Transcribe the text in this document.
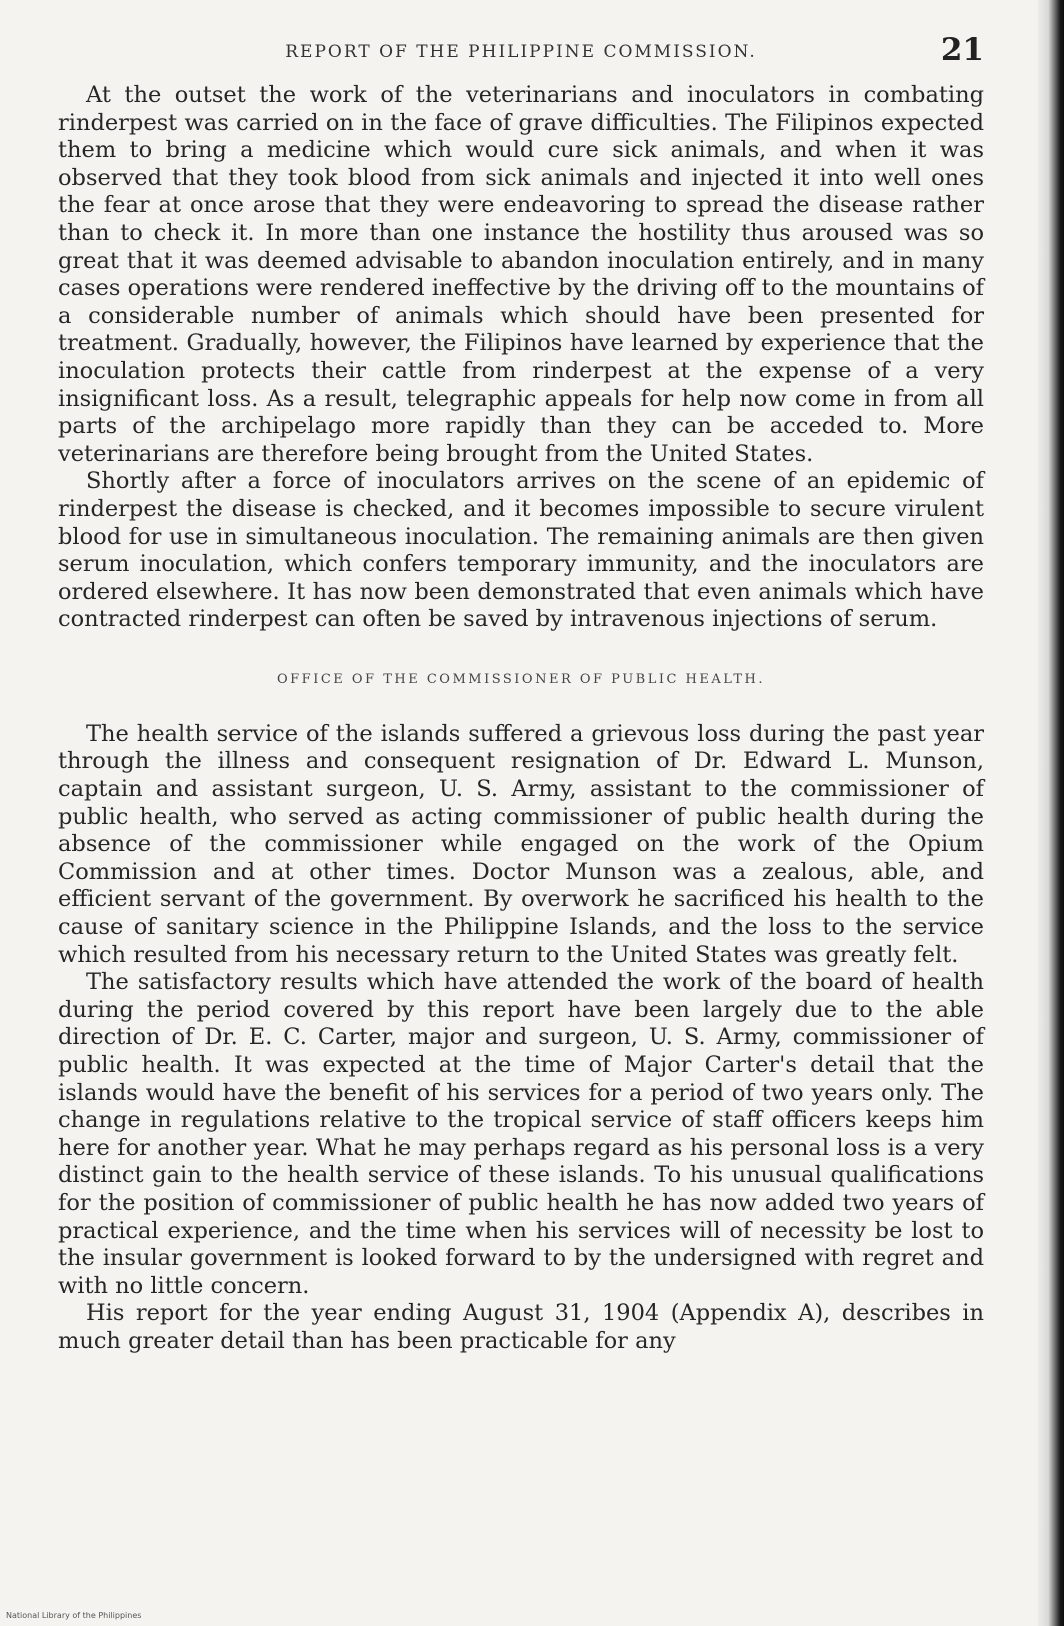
REPORT OF THE PHILIPPINE COMMISSION.	21

At the outset the work of the veterinarians and inoculators in combating rinderpest was carried on in the face of grave difficulties. The Filipinos expected them to bring a medicine which would cure sick animals, and when it was observed that they took blood from sick animals and injected it into well ones the fear at once arose that they were endeavoring to spread the disease rather than to check it. In more than one instance the hostility thus aroused was so great that it was deemed advisable to abandon inoculation entirely, and in many cases operations were rendered ineffective by the driving off to the mountains of a considerable number of animals which should have been presented for treatment. Gradually, however, the Filipinos have learned by experience that the inoculation protects their cattle from rinderpest at the expense of a very insignificant loss. As a result, telegraphic appeals for help now come in from all parts of the archipelago more rapidly than they can be acceded to. More veterinarians are therefore being brought from the United States.

Shortly after a force of inoculators arrives on the scene of an epidemic of rinderpest the disease is checked, and it becomes impossible to secure virulent blood for use in simultaneous inoculation. The remaining animals are then given serum inoculation, which confers temporary immunity, and the inoculators are ordered elsewhere. It has now been demonstrated that even animals which have contracted rinderpest can often be saved by intravenous injections of serum.

OFFICE OF THE COMMISSIONER OF PUBLIC HEALTH.

The health service of the islands suffered a grievous loss during the past year through the illness and consequent resignation of Dr. Edward L. Munson, captain and assistant surgeon, U. S. Army, assistant to the commissioner of public health, who served as acting commissioner of public health during the absence of the commissioner while engaged on the work of the Opium Commission and at other times. Doctor Munson was a zealous, able, and efficient servant of the government. By overwork he sacrificed his health to the cause of sanitary science in the Philippine Islands, and the loss to the service which resulted from his necessary return to the United States was greatly felt.

The satisfactory results which have attended the work of the board of health during the period covered by this report have been largely due to the able direction of Dr. E. C. Carter, major and surgeon, U. S. Army, commissioner of public health. It was expected at the time of Major Carter's detail that the islands would have the benefit of his services for a period of two years only. The change in regulations relative to the tropical service of staff officers keeps him here for another year. What he may perhaps regard as his personal loss is a very distinct gain to the health service of these islands. To his unusual qualifications for the position of commissioner of public health he has now added two years of practical experience, and the time when his services will of necessity be lost to the insular government is looked forward to by the undersigned with regret and with no little concern.

His report for the year ending August 31, 1904 (Appendix A), describes in much greater detail than has been practicable for any

National Library of the Philippines
